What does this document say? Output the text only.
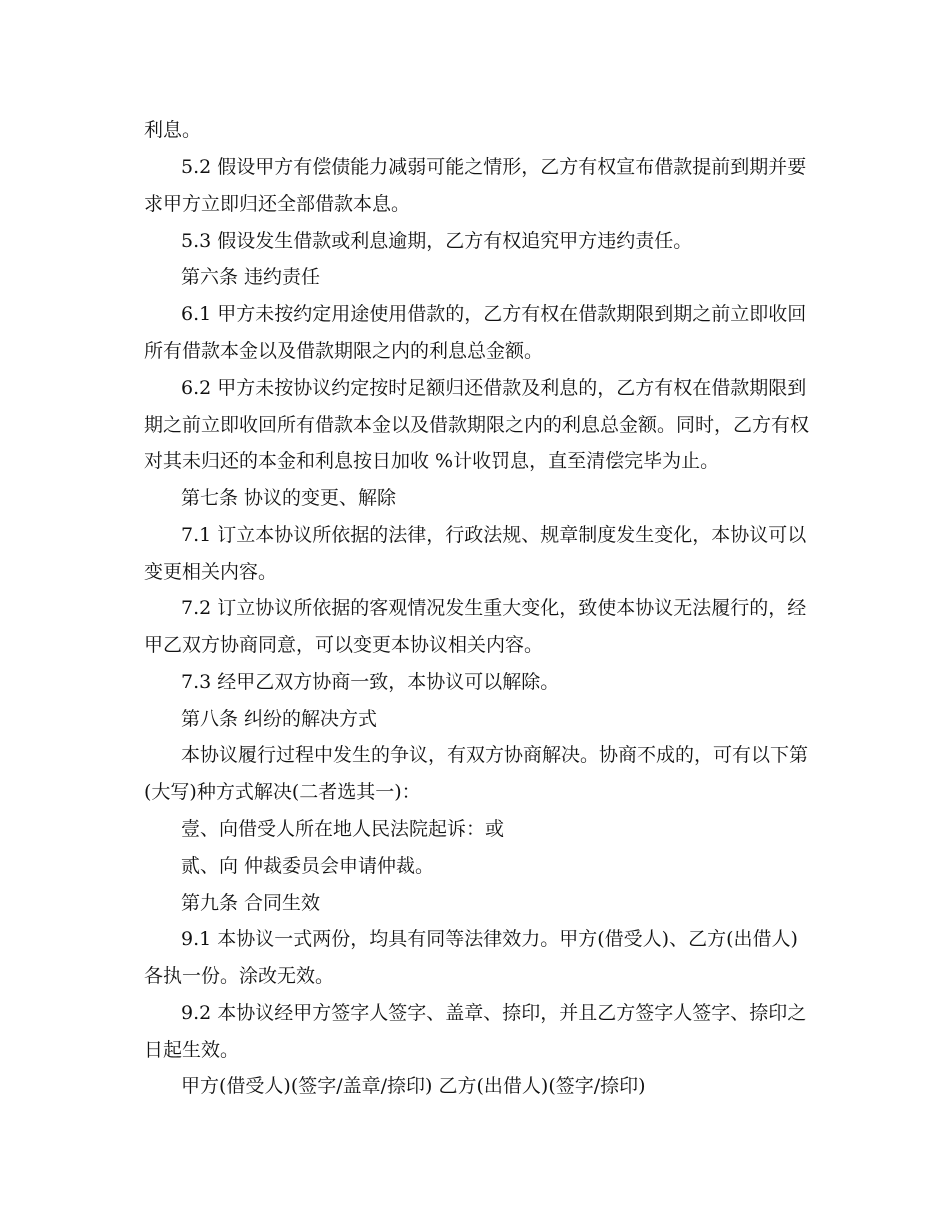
利息。
5.2 假设甲方有偿债能力减弱可能之情形，乙方有权宣布借款提前到期并要
求甲方立即归还全部借款本息。
5.3 假设发生借款或利息逾期，乙方有权追究甲方违约责任。
第六条 违约责任
6.1 甲方未按约定用途使用借款的，乙方有权在借款期限到期之前立即收回
所有借款本金以及借款期限之内的利息总金额。
6.2 甲方未按协议约定按时足额归还借款及利息的，乙方有权在借款期限到
期之前立即收回所有借款本金以及借款期限之内的利息总金额。同时，乙方有权
对其未归还的本金和利息按日加收 %计收罚息，直至清偿完毕为止。
第七条 协议的变更、解除
7.1 订立本协议所依据的法律，行政法规、规章制度发生变化，本协议可以
变更相关内容。
7.2 订立协议所依据的客观情况发生重大变化，致使本协议无法履行的，经
甲乙双方协商同意，可以变更本协议相关内容。
7.3 经甲乙双方协商一致，本协议可以解除。
第八条 纠纷的解决方式
本协议履行过程中发生的争议，有双方协商解决。协商不成的，可有以下第
(大写)种方式解决(二者选其一)：
壹、向借受人所在地人民法院起诉：或
贰、向 仲裁委员会申请仲裁。
第九条 合同生效
9.1 本协议一式两份，均具有同等法律效力。甲方(借受人)、乙方(出借人)
各执一份。涂改无效。
9.2 本协议经甲方签字人签字、盖章、捺印，并且乙方签字人签字、捺印之
日起生效。
甲方(借受人)(签字/盖章/捺印) 乙方(出借人)(签字/捺印)
